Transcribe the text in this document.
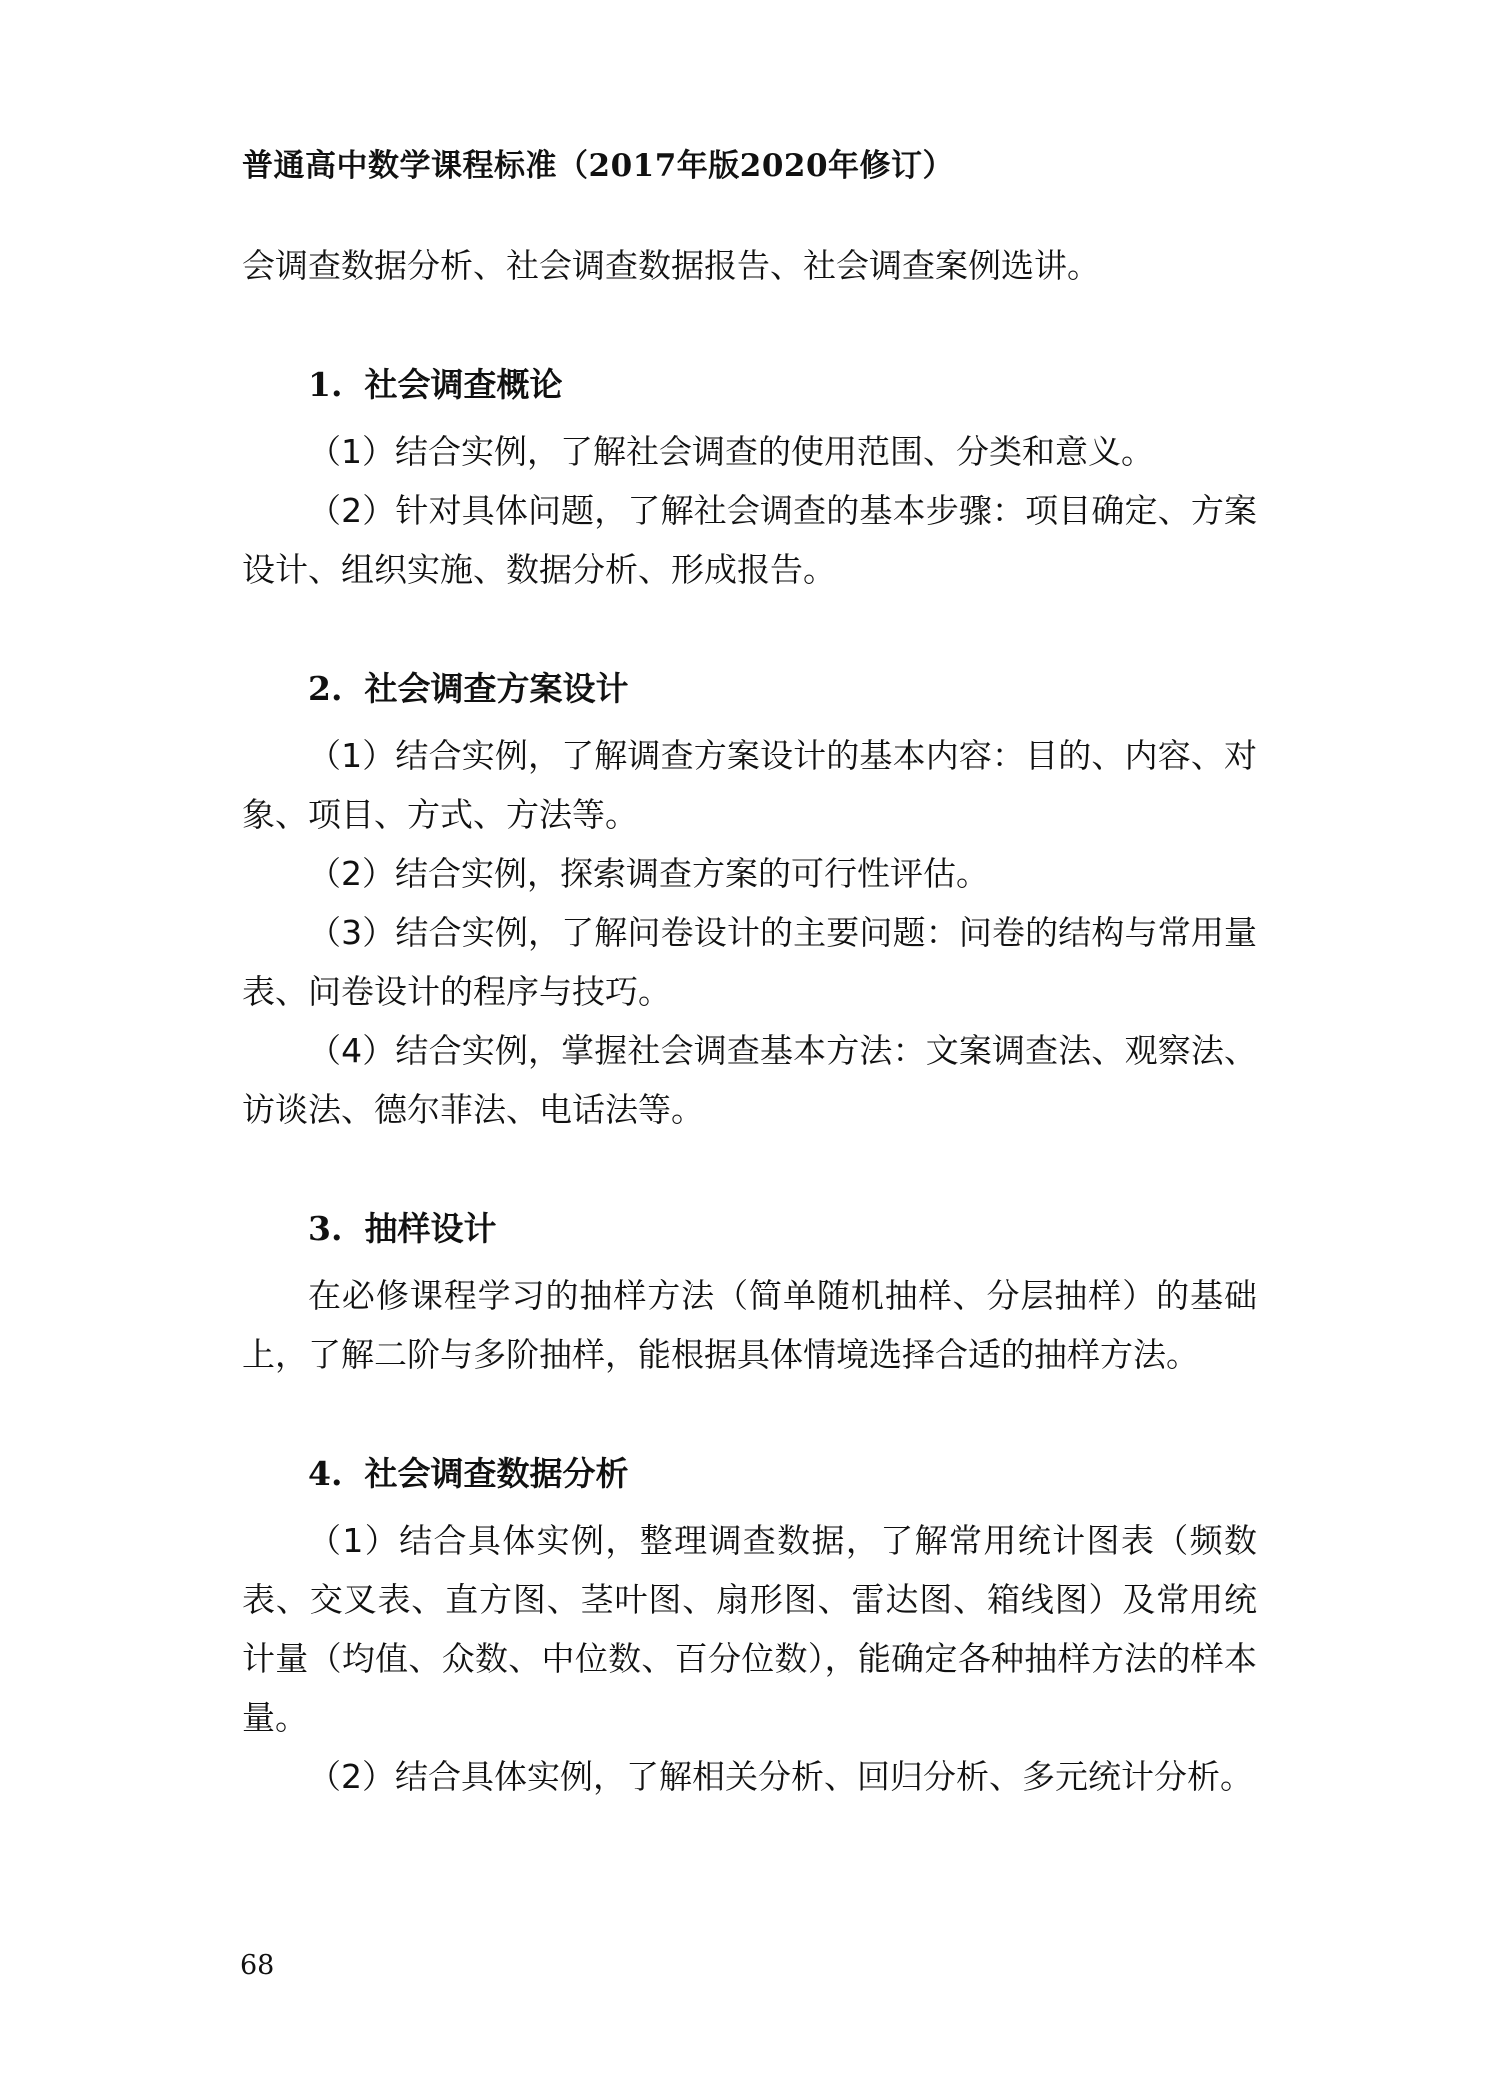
普通高中数学课程标准（2017年版2020年修订）

会调查数据分析、社会调查数据报告、社会调查案例选讲。

1. 社会调查概论

（1）结合实例，了解社会调查的使用范围、分类和意义。

（2）针对具体问题，了解社会调查的基本步骤：项目确定、方案设计、组织实施、数据分析、形成报告。

2. 社会调查方案设计

（1）结合实例，了解调查方案设计的基本内容：目的、内容、对象、项目、方式、方法等。

（2）结合实例，探索调查方案的可行性评估。

（3）结合实例，了解问卷设计的主要问题：问卷的结构与常用量表、问卷设计的程序与技巧。

（4）结合实例，掌握社会调查基本方法：文案调查法、观察法、访谈法、德尔菲法、电话法等。

3. 抽样设计

在必修课程学习的抽样方法（简单随机抽样、分层抽样）的基础上，了解二阶与多阶抽样，能根据具体情境选择合适的抽样方法。

4. 社会调查数据分析

（1）结合具体实例，整理调查数据，了解常用统计图表（频数表、交叉表、直方图、茎叶图、扇形图、雷达图、箱线图）及常用统计量（均值、众数、中位数、百分位数），能确定各种抽样方法的样本量。

（2）结合具体实例，了解相关分析、回归分析、多元统计分析。

68
